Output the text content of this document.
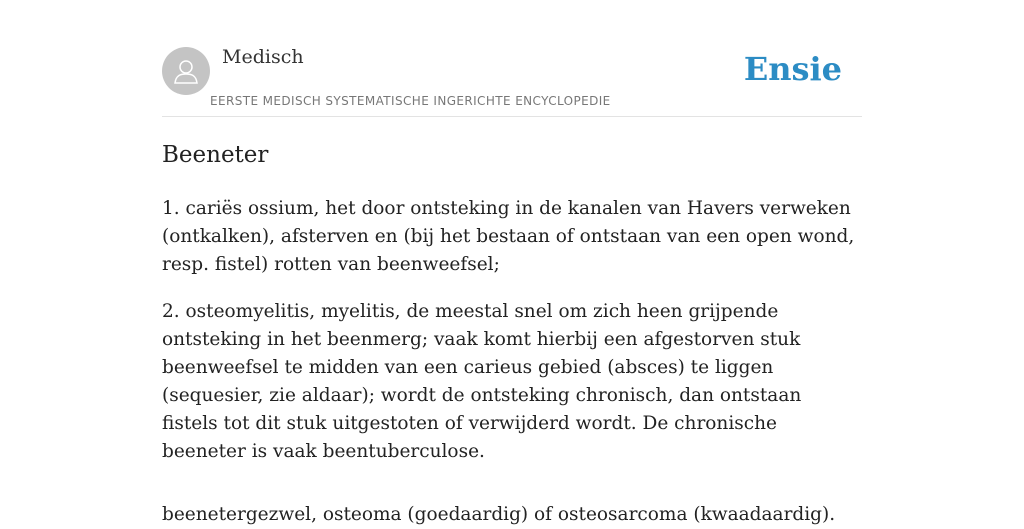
Medisch
EERSTE MEDISCH SYSTEMATISCHE INGERICHTE ENCYCLOPEDIE
Ensie
Beeneter

1. cariës ossium, het door ontsteking in de kanalen van Havers verweken (ontkalken), afsterven en (bij het bestaan of ontstaan van een open wond, resp. fistel) rotten van beenweefsel;

2. osteomyelitis, myelitis, de meestal snel om zich heen grijpende ontsteking in het beenmerg; vaak komt hierbij een afgestorven stuk beenweefsel te midden van een carieus gebied (absces) te liggen (sequesier, zie aldaar); wordt de ontsteking chronisch, dan ontstaan fistels tot dit stuk uitgestoten of verwijderd wordt. De chronische beeneter is vaak beentuberculose.

beenetergezwel, osteoma (goedaardig) of osteosarcoma (kwaadaardig).
